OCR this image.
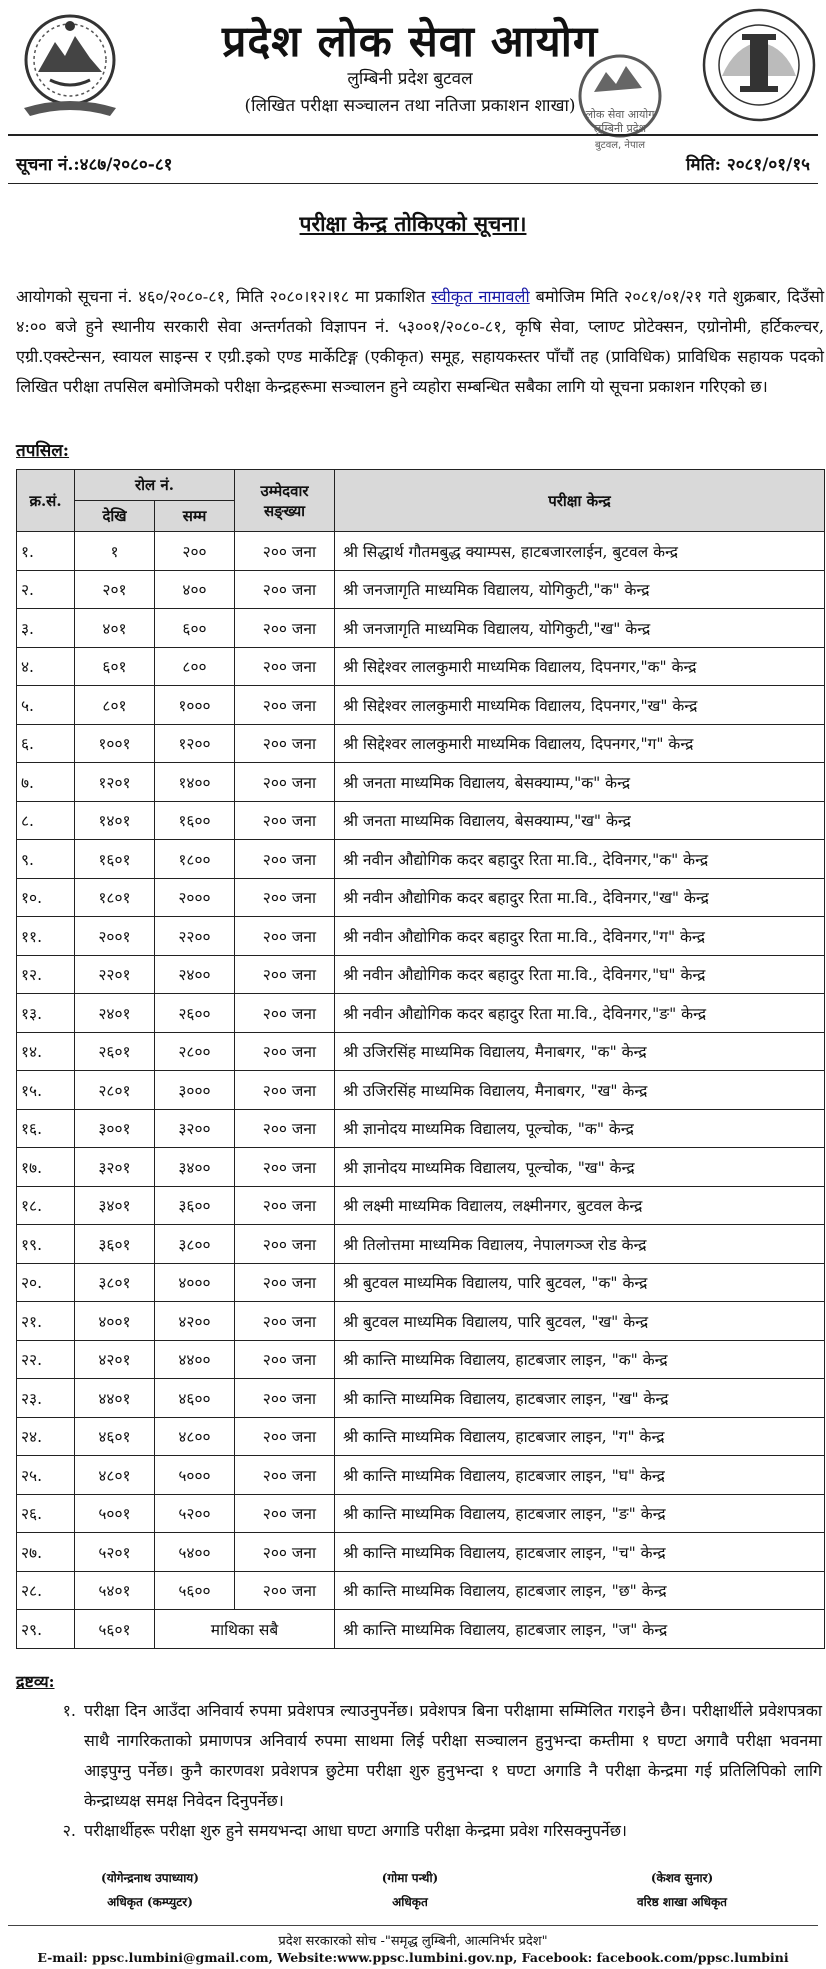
प्रदेश लोक सेवा आयोग
लुम्बिनी प्रदेश बुटवल
(लिखित परीक्षा सञ्चालन तथा नतिजा प्रकाशन शाखा) लोक सेवा आयोग
लुम्बिनी प्रदेश
बुटवल, नेपाल
सूचना नं.:४८७/२०८०-८१	मिति: २०८१/०१/१५
परीक्षा केन्द्र तोकिएको सूचना।
आयोगको सूचना नं. ४६०/२०८०-८१, मिति २०८०।१२।१८ मा प्रकाशित स्वीकृत नामावली बमोजिम मिति २०८१/०१/२१ गते शुक्रबार, दिउँसो ४:०० बजे हुने स्थानीय सरकारी सेवा अन्तर्गतको विज्ञापन नं. ५३००१/२०८०-८१, कृषि सेवा, प्लाण्ट प्रोटेक्सन, एग्रोनोमी, हर्टिकल्चर, एग्री.एक्स्टेन्सन, स्वायल साइन्स र एग्री.इको एण्ड मार्केटिङ्ग (एकीकृत) समूह, सहायकस्तर पाँचौं तह (प्राविधिक) प्राविधिक सहायक पदको लिखित परीक्षा तपसिल बमोजिमको परीक्षा केन्द्रहरूमा सञ्चालन हुने व्यहोरा सम्बन्धित सबैका लागि यो सूचना प्रकाशन गरिएको छ।
तपसिल:
क्र.सं.	रोल नं.		उम्मेदवार सङ्ख्या	परीक्षा केन्द्र
	देखि	सम्म		
१.	१	२००	२०० जना	श्री सिद्धार्थ गौतमबुद्ध क्याम्पस, हाटबजारलाईन, बुटवल केन्द्र
२.	२०१	४००	२०० जना	श्री जनजागृति माध्यमिक विद्यालय, योगिकुटी,"क" केन्द्र
३.	४०१	६००	२०० जना	श्री जनजागृति माध्यमिक विद्यालय, योगिकुटी,"ख" केन्द्र
४.	६०१	८००	२०० जना	श्री सिद्देश्वर लालकुमारी माध्यमिक विद्यालय, दिपनगर,"क" केन्द्र
५.	८०१	१०००	२०० जना	श्री सिद्देश्वर लालकुमारी माध्यमिक विद्यालय, दिपनगर,"ख" केन्द्र
६.	१००१	१२००	२०० जना	श्री सिद्देश्वर लालकुमारी माध्यमिक विद्यालय, दिपनगर,"ग" केन्द्र
७.	१२०१	१४००	२०० जना	श्री जनता माध्यमिक विद्यालय, बेसक्याम्प,"क" केन्द्र
८.	१४०१	१६००	२०० जना	श्री जनता माध्यमिक विद्यालय, बेसक्याम्प,"ख" केन्द्र
९.	१६०१	१८००	२०० जना	श्री नवीन औद्योगिक कदर बहादुर रिता मा.वि., देविनगर,"क" केन्द्र
१०.	१८०१	२०००	२०० जना	श्री नवीन औद्योगिक कदर बहादुर रिता मा.वि., देविनगर,"ख" केन्द्र
११.	२००१	२२००	२०० जना	श्री नवीन औद्योगिक कदर बहादुर रिता मा.वि., देविनगर,"ग" केन्द्र
१२.	२२०१	२४००	२०० जना	श्री नवीन औद्योगिक कदर बहादुर रिता मा.वि., देविनगर,"घ" केन्द्र
१३.	२४०१	२६००	२०० जना	श्री नवीन औद्योगिक कदर बहादुर रिता मा.वि., देविनगर,"ङ" केन्द्र
१४.	२६०१	२८००	२०० जना	श्री उजिरसिंह माध्यमिक विद्यालय, मैनाबगर, "क" केन्द्र
१५.	२८०१	३०००	२०० जना	श्री उजिरसिंह माध्यमिक विद्यालय, मैनाबगर, "ख" केन्द्र
१६.	३००१	३२००	२०० जना	श्री ज्ञानोदय माध्यमिक विद्यालय, पूल्चोक, "क" केन्द्र
१७.	३२०१	३४००	२०० जना	श्री ज्ञानोदय माध्यमिक विद्यालय, पूल्चोक, "ख" केन्द्र
१८.	३४०१	३६००	२०० जना	श्री लक्ष्मी माध्यमिक विद्यालय, लक्ष्मीनगर, बुटवल केन्द्र
१९.	३६०१	३८००	२०० जना	श्री तिलोत्तमा माध्यमिक विद्यालय, नेपालगञ्ज रोड केन्द्र
२०.	३८०१	४०००	२०० जना	श्री बुटवल माध्यमिक विद्यालय, पारि बुटवल, "क" केन्द्र
२१.	४००१	४२००	२०० जना	श्री बुटवल माध्यमिक विद्यालय, पारि बुटवल, "ख" केन्द्र
२२.	४२०१	४४००	२०० जना	श्री कान्ति माध्यमिक विद्यालय, हाटबजार लाइन, "क" केन्द्र
२३.	४४०१	४६००	२०० जना	श्री कान्ति माध्यमिक विद्यालय, हाटबजार लाइन, "ख" केन्द्र
२४.	४६०१	४८००	२०० जना	श्री कान्ति माध्यमिक विद्यालय, हाटबजार लाइन, "ग" केन्द्र
२५.	४८०१	५०००	२०० जना	श्री कान्ति माध्यमिक विद्यालय, हाटबजार लाइन, "घ" केन्द्र
२६.	५००१	५२००	२०० जना	श्री कान्ति माध्यमिक विद्यालय, हाटबजार लाइन, "ङ" केन्द्र
२७.	५२०१	५४००	२०० जना	श्री कान्ति माध्यमिक विद्यालय, हाटबजार लाइन, "च" केन्द्र
२८.	५४०१	५६००	२०० जना	श्री कान्ति माध्यमिक विद्यालय, हाटबजार लाइन, "छ" केन्द्र
२९.	५६०१	माथिका सबै		श्री कान्ति माध्यमिक विद्यालय, हाटबजार लाइन, "ज" केन्द्र
द्रष्टव्य:
१. परीक्षा दिन आउँदा अनिवार्य रुपमा प्रवेशपत्र ल्याउनुपर्नेछ। प्रवेशपत्र बिना परीक्षामा सम्मिलित गराइने छैन। परीक्षार्थीले प्रवेशपत्रका साथै नागरिकताको प्रमाणपत्र अनिवार्य रुपमा साथमा लिई परीक्षा सञ्चालन हुनुभन्दा कम्तीमा १ घण्टा अगावै परीक्षा भवनमा आइपुग्नु पर्नेछ। कुनै कारणवश प्रवेशपत्र छुटेमा परीक्षा शुरु हुनुभन्दा १ घण्टा अगाडि नै परीक्षा केन्द्रमा गई प्रतिलिपिको लागि केन्द्राध्यक्ष समक्ष निवेदन दिनुपर्नेछ।
२. परीक्षार्थीहरू परीक्षा शुरु हुने समयभन्दा आधा घण्टा अगाडि परीक्षा केन्द्रमा प्रवेश गरिसक्नुपर्नेछ।
(योगेन्द्रनाथ उपाध्याय)
अधिकृत (कम्प्युटर)
(गोमा पन्थी)
अधिकृत
(केशव सुनार)
वरिष्ठ शाखा अधिकृत
प्रदेश सरकारको सोच -"समृद्ध लुम्बिनी, आत्मनिर्भर प्रदेश"
E-mail: ppsc.lumbini@gmail.com, Website:www.ppsc.lumbini.gov.np, Facebook: facebook.com/ppsc.lumbini
